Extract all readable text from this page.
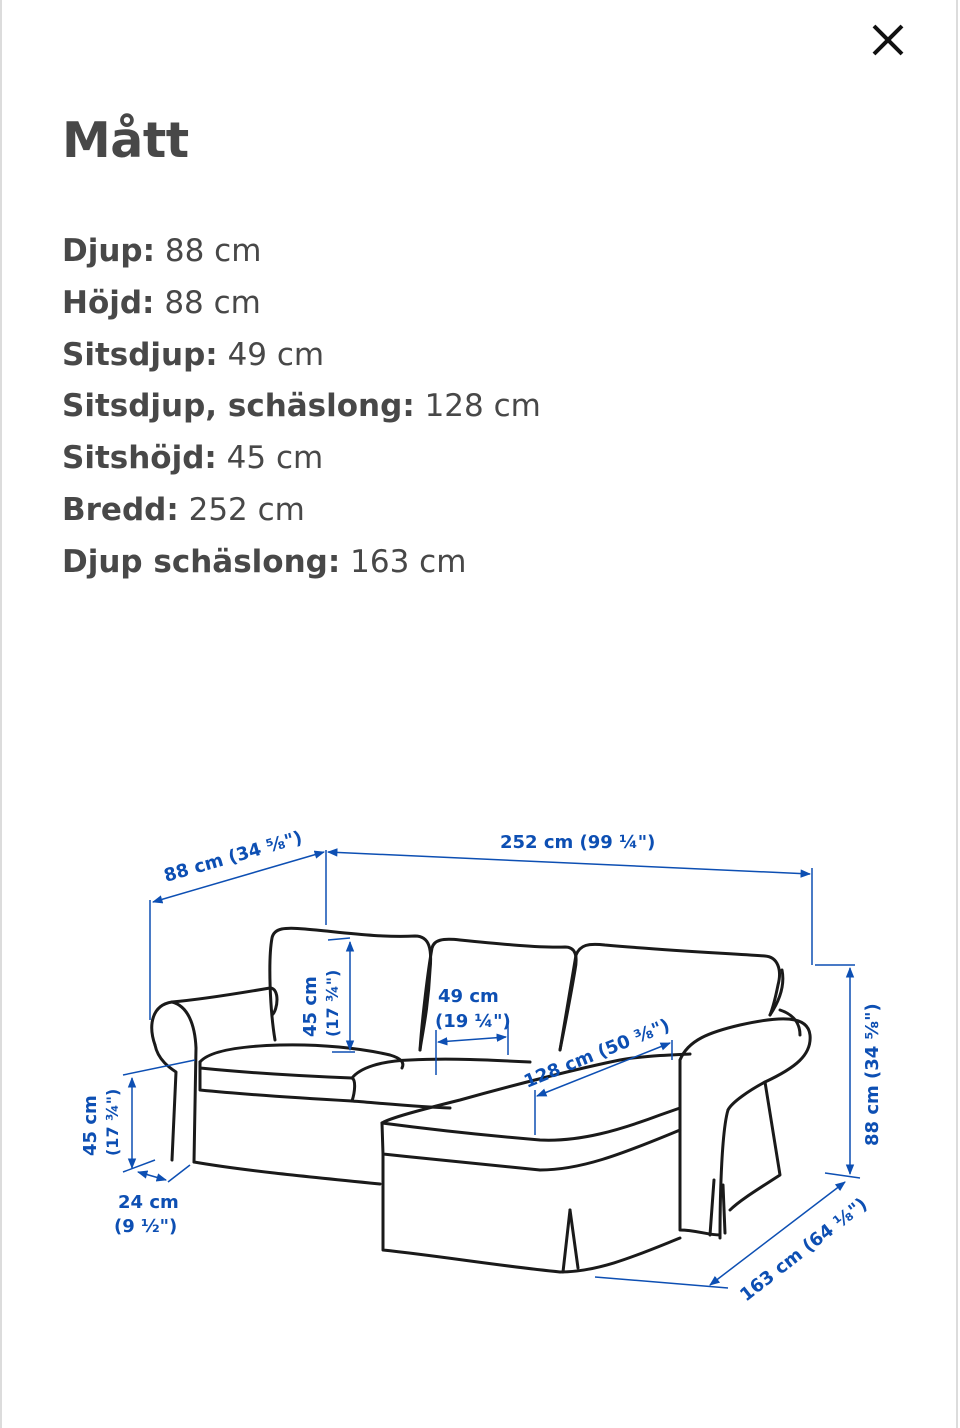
Mått
Djup: 88 cm
Höjd: 88 cm
Sitsdjup: 49 cm
Sitsdjup, schäslong: 128 cm
Sitshöjd: 45 cm
Bredd: 252 cm
Djup schäslong: 163 cm
88 cm (34 ⅝")	252 cm (99 ¼")
45 cm (17 ¾")	49 cm
(19 ¼") 128 cm (50 ⅜")
45 cm (17 ¾")
24 cm
(9 ½")
88 cm (34 ⅝")
163 cm (64 ⅛")
